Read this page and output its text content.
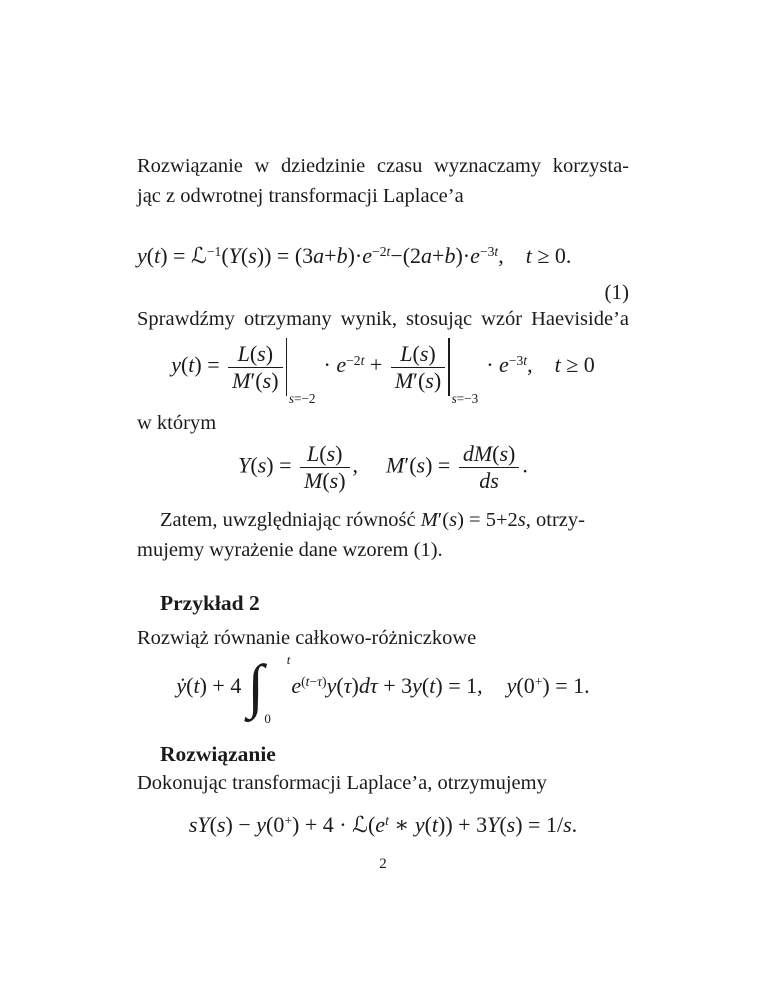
Rozwiązanie w dziedzinie czasu wyznaczamy korzysta-
jąc z odwrotnej transformacji Laplace’a
y(t) = ℒ−1(Y(s)) = (3a+b)·e−2t−(2a+b)·e−3t, t ≥ 0.
(1)
Sprawdźmy otrzymany wynik, stosując wzór Haeviside’a
$y(t) = \frac{L(s)}{M'(s)}$
s=−2
· $e-2t + \frac{L(s)}{M'(s)}$
s=−3
· e−3t, t ≥ 0
w którym
$Y(s) = \frac{L(s)}{M(s)}$ , $M'(s) = \frac{dM(s)}{ds}$ .
Zatem, uwzględniając równość M′(s) = 5+2s, otrzy-
mujemy wyrażenie dane wzorem (1).
Przykład 2
Rozwiąż równanie całkowo-różniczkowe
ẏ(t) + 4 ∫ t
0
e(t−τ)y(τ)dτ + 3y(t) = 1, y(0+) = 1.
Rozwiązanie
Dokonując transformacji Laplace’a, otrzymujemy
sY(s) − y(0+) + 4 · ℒ(et ∗ y(t)) + 3Y(s) = 1/s.
2
